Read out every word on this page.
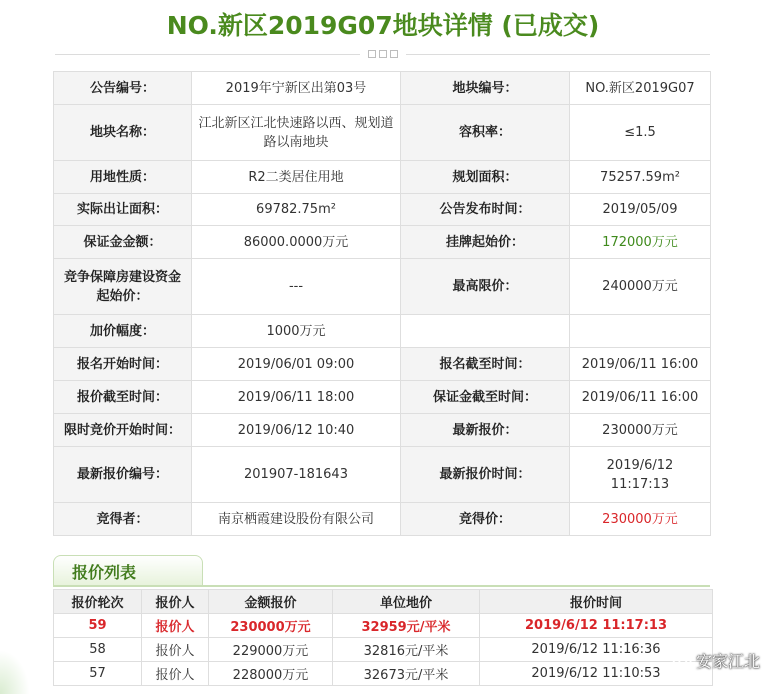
NO.新区2019G07地块详情 (已成交)
公告编号：	2019年宁新区出第03号	地块编号：	NO.新区2019G07
地块名称：	江北新区江北快速路以西、规划道路以南地块	容积率：	≤1.5
用地性质：	R2二类居住用地	规划面积：	75257.59m²
实际出让面积：	69782.75m²	公告发布时间：	2019/05/09
保证金金额：	86000.0000万元	挂牌起始价：	172000万元
竞争保障房建设资金起始价：	---	最高限价：	240000万元
加价幅度：	1000万元		
报名开始时间：	2019/06/01 09:00	报名截至时间：	2019/06/11 16:00
报价截至时间：	2019/06/11 18:00	保证金截至时间：	2019/06/11 16:00
限时竞价开始时间：	2019/06/12 10:40	最新报价：	230000万元
最新报价编号：	201907-181643	最新报价时间：	2019/6/12
11:17:13

竞得者：	南京栖霞建设股份有限公司	竞得价：	230000万元
报价列表
报价轮次	报价人	金额报价	单位地价	报价时间
59	报价人	230000万元	32959元/平米	2019/6/12 11:17:13
58	报价人	229000万元	32816元/平米	2019/6/12 11:16:36
57	报价人	228000万元	32673元/平米	2019/6/12 11:10:53
安家江北
